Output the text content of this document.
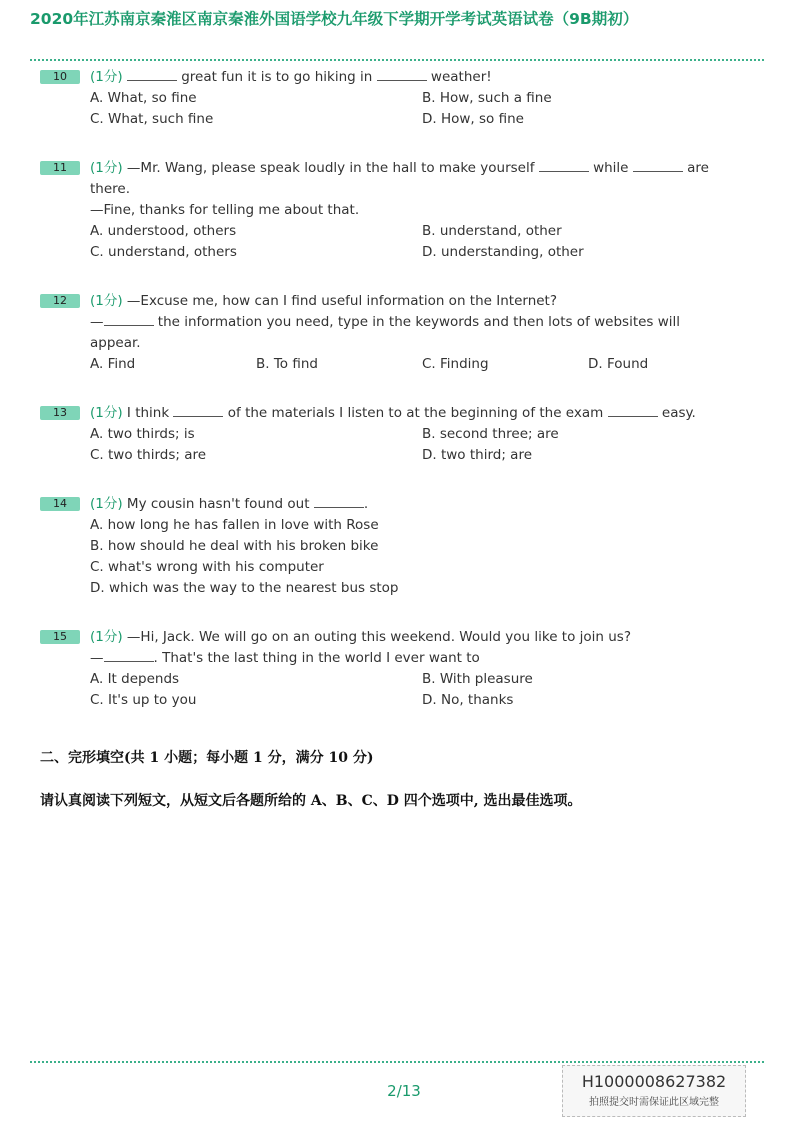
2020年江苏南京秦淮区南京秦淮外国语学校九年级下学期开学考试英语试卷（9B期初）
10	(1分)	great fun it is to go hiking in	weather!
A. What, so fine	B. How, such a fine
C. What, such fine	D. How, so fine
11	(1分) —Mr. Wang, please speak loudly in the hall to make yourself	while	are
there.
—Fine, thanks for telling me about that.
A. understood, others	B. understand, other
C. understand, others	D. understanding, other
12	(1分) —Excuse me, how can I find useful information on the Internet?
—	the information you need, type in the keywords and then lots of websites will
appear.
A. Find	B. To find	C. Finding	D. Found
13	(1分) I think	of the materials I listen to at the beginning of the exam	easy.
A. two thirds; is	B. second three; are
C. two thirds; are	D. two third; are
14	(1分) My cousin hasn't found out	.
A. how long he has fallen in love with Rose
B. how should he deal with his broken bike
C. what's wrong with his computer
D. which was the way to the nearest bus stop
15	(1分) —Hi, Jack. We will go on an outing this weekend. Would you like to join us?
—	. That's the last thing in the world I ever want to
A. It depends	B. With pleasure
C. It's up to you	D. No, thanks
二、完形填空(共 1 小题；每小题 1 分，满分 10 分)
请认真阅读下列短文，从短文后各题所给的 A、B、C、D 四个选项中, 选出最佳选项。
2/13	H1000008627382
拍照提交时需保证此区域完整
